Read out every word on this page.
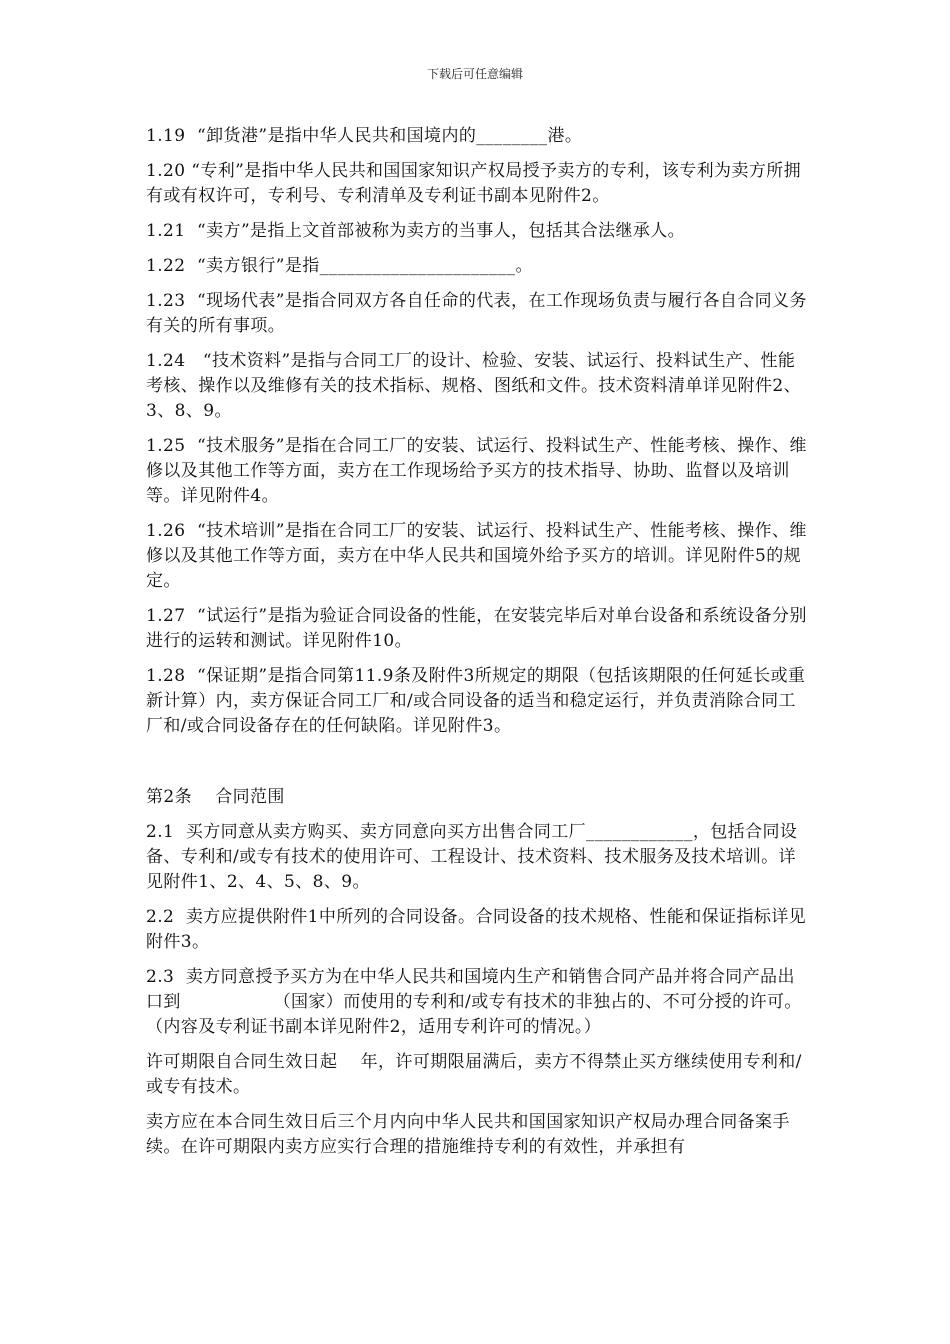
下载后可任意编辑

1.19  “卸货港”是指中华人民共和国境内的________港。

1.20 “专利”是指中华人民共和国国家知识产权局授予卖方的专利，该专利为卖方所拥有或有权许可，专利号、专利清单及专利证书副本见附件2。

1.21  “卖方”是指上文首部被称为卖方的当事人，包括其合法继承人。

1.22  “卖方银行”是指______________________。

1.23  “现场代表”是指合同双方各自任命的代表，在工作现场负责与履行各自合同义务有关的所有事项。

1.24   “技术资料”是指与合同工厂的设计、检验、安装、试运行、投料试生产、性能考核、操作以及维修有关的技术指标、规格、图纸和文件。技术资料清单详见附件2、3、8、9。

1.25  “技术服务”是指在合同工厂的安装、试运行、投料试生产、性能考核、操作、维修以及其他工作等方面，卖方在工作现场给予买方的技术指导、协助、监督以及培训等。详见附件4。

1.26  “技术培训”是指在合同工厂的安装、试运行、投料试生产、性能考核、操作、维修以及其他工作等方面，卖方在中华人民共和国境外给予买方的培训。详见附件5的规定。

1.27  “试运行”是指为验证合同设备的性能，在安装完毕后对单台设备和系统设备分别进行的运转和测试。详见附件10。

1.28  “保证期”是指合同第11.9条及附件3所规定的期限（包括该期限的任何延长或重新计算）内，卖方保证合同工厂和/或合同设备的适当和稳定运行，并负责消除合同工厂和/或合同设备存在的任何缺陷。详见附件3。

第2条    合同范围

2.1  买方同意从卖方购买、卖方同意向买方出售合同工厂____________，包括合同设备、专利和/或专有技术的使用许可、工程设计、技术资料、技术服务及技术培训。详见附件1、2、4、5、8、9。

2.2  卖方应提供附件1中所列的合同设备。合同设备的技术规格、性能和保证指标详见附件3。

2.3  卖方同意授予买方为在中华人民共和国境内生产和销售合同产品并将合同产品出口到                （国家）而使用的专利和/或专有技术的非独占的、不可分授的许可。（内容及专利证书副本详见附件2，适用专利许可的情况。）

许可期限自合同生效日起    年，许可期限届满后，卖方不得禁止买方继续使用专利和/或专有技术。

卖方应在本合同生效日后三个月内向中华人民共和国国家知识产权局办理合同备案手续。在许可期限内卖方应实行合理的措施维持专利的有效性，并承担有
